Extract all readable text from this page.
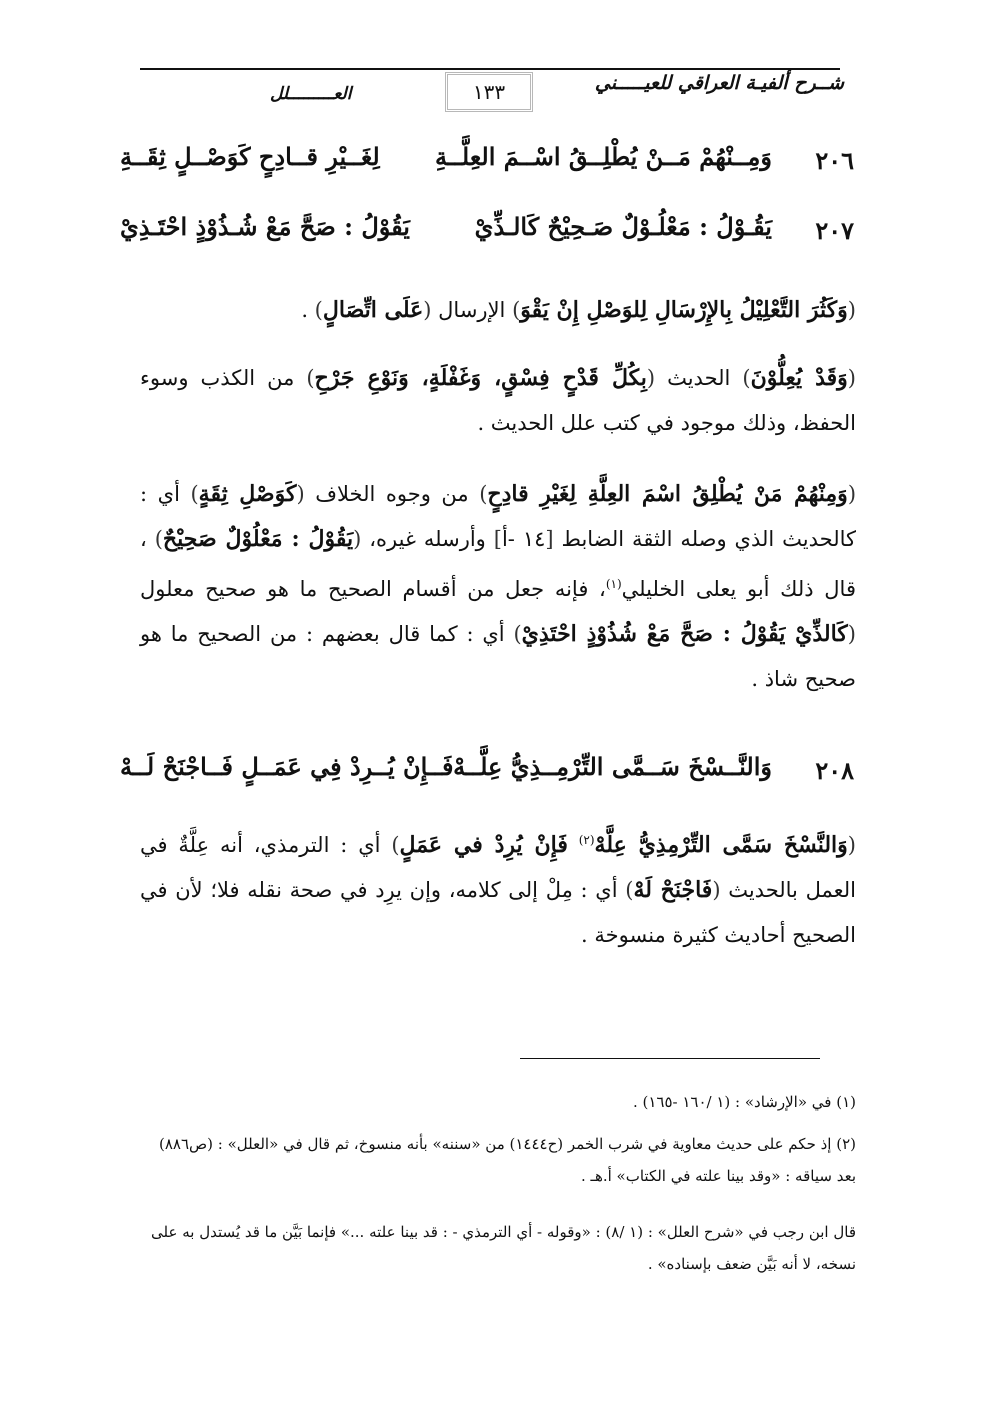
شــرح ألفيـة العراقي للعيـــــني
١٣٣
العـــــــــلل
٢٠٦
وَمِــنْهُمْ مَــنْ يُطْلِــقُ اسْــمَ العِلَّــةِ
لِغَــيْرِ قــادِحٍ كَوَصْــلٍ ثِقَــةِ
٢٠٧
يَقُـوْلُ : مَعْلُـوْلٌ صَـحِيْحٌ كَالـذِّيْ
يَقُوْلُ : صَحَّ مَعْ شُـذُوْذٍ احْتَـذِيْ
(وَكَثُرَ التَّعْلِيْلُ بِالإِرْسَالِ لِلوَصْلِ إِنْ يَقْوَ) الإرسال (عَلَى اتِّصَالٍ) .
(وَقَدْ يُعِلُّوْنَ) الحديث (بِكُلِّ قَدْحٍ فِسْقٍ، وَغَفْلَةٍ، وَنَوْعِ جَرْحِ) من الكذب وسوء الحفظ، وذلك موجود في كتب علل الحديث .
(وَمِنْهُمْ مَنْ يُطْلِقُ اسْمَ العِلَّةِ لِغَيْرِ قادِحٍ) من وجوه الخلاف (كَوَصْلِ ثِقَةٍ) أي : كالحديث الذي وصله الثقة الضابط [١٤ -أ] وأرسله غيره، (يَقُوْلُ : مَعْلُوْلٌ صَحِيْحٌ) ، قال ذلك أبو يعلى الخليلي$^{(١)}$، فإنه جعل من أقسام الصحيح ما هو صحيح معلول (كَالذِّيْ يَقُوْلُ : صَحَّ مَعْ شُذُوْذٍ احْتَذِيْ) أي : كما قال بعضهم : من الصحيح ما هو صحيح شاذ .
٢٠٨
وَالنَّــسْخَ سَــمَّى التِّرْمِــذِيُّ عِلَّــهْ
فَــإِنْ يُــرِدْ فِي عَمَــلٍ فَــاجْنَحْ لَــهْ
(وَالنَّسْخَ سَمَّى التِّرْمِذِيُّ عِلَّهْ$^{(٢)}$ فَإِنْ يُرِدْ في عَمَلٍ) أي : الترمذي، أنه عِلَّةٌ في العمل بالحديث (فَاجْنَحْ لَهْ) أي : مِلْ إلى كلامه، وإن يرِد في صحة نقله فلا؛ لأن في الصحيح أحاديث كثيرة منسوخة .
(١) في «الإرشاد» : (١ /١٦٠ -١٦٥) .
(٢) إذ حكم على حديث معاوية في شرب الخمر (ح١٤٤٤) من «سننه» بأنه منسوخ، ثم قال في «العلل» : (ص٨٨٦) بعد سياقه : «وقد بينا علته في الكتاب» أ.هـ .
قال ابن رجب في «شرح العلل» : (١ /٨) : «وقوله - أي الترمذي - : قد بينا علته ...» فإنما بَيَّن ما قد يُستدل به على نسخه، لا أنه بَيَّن ضعف بإسناده» .
